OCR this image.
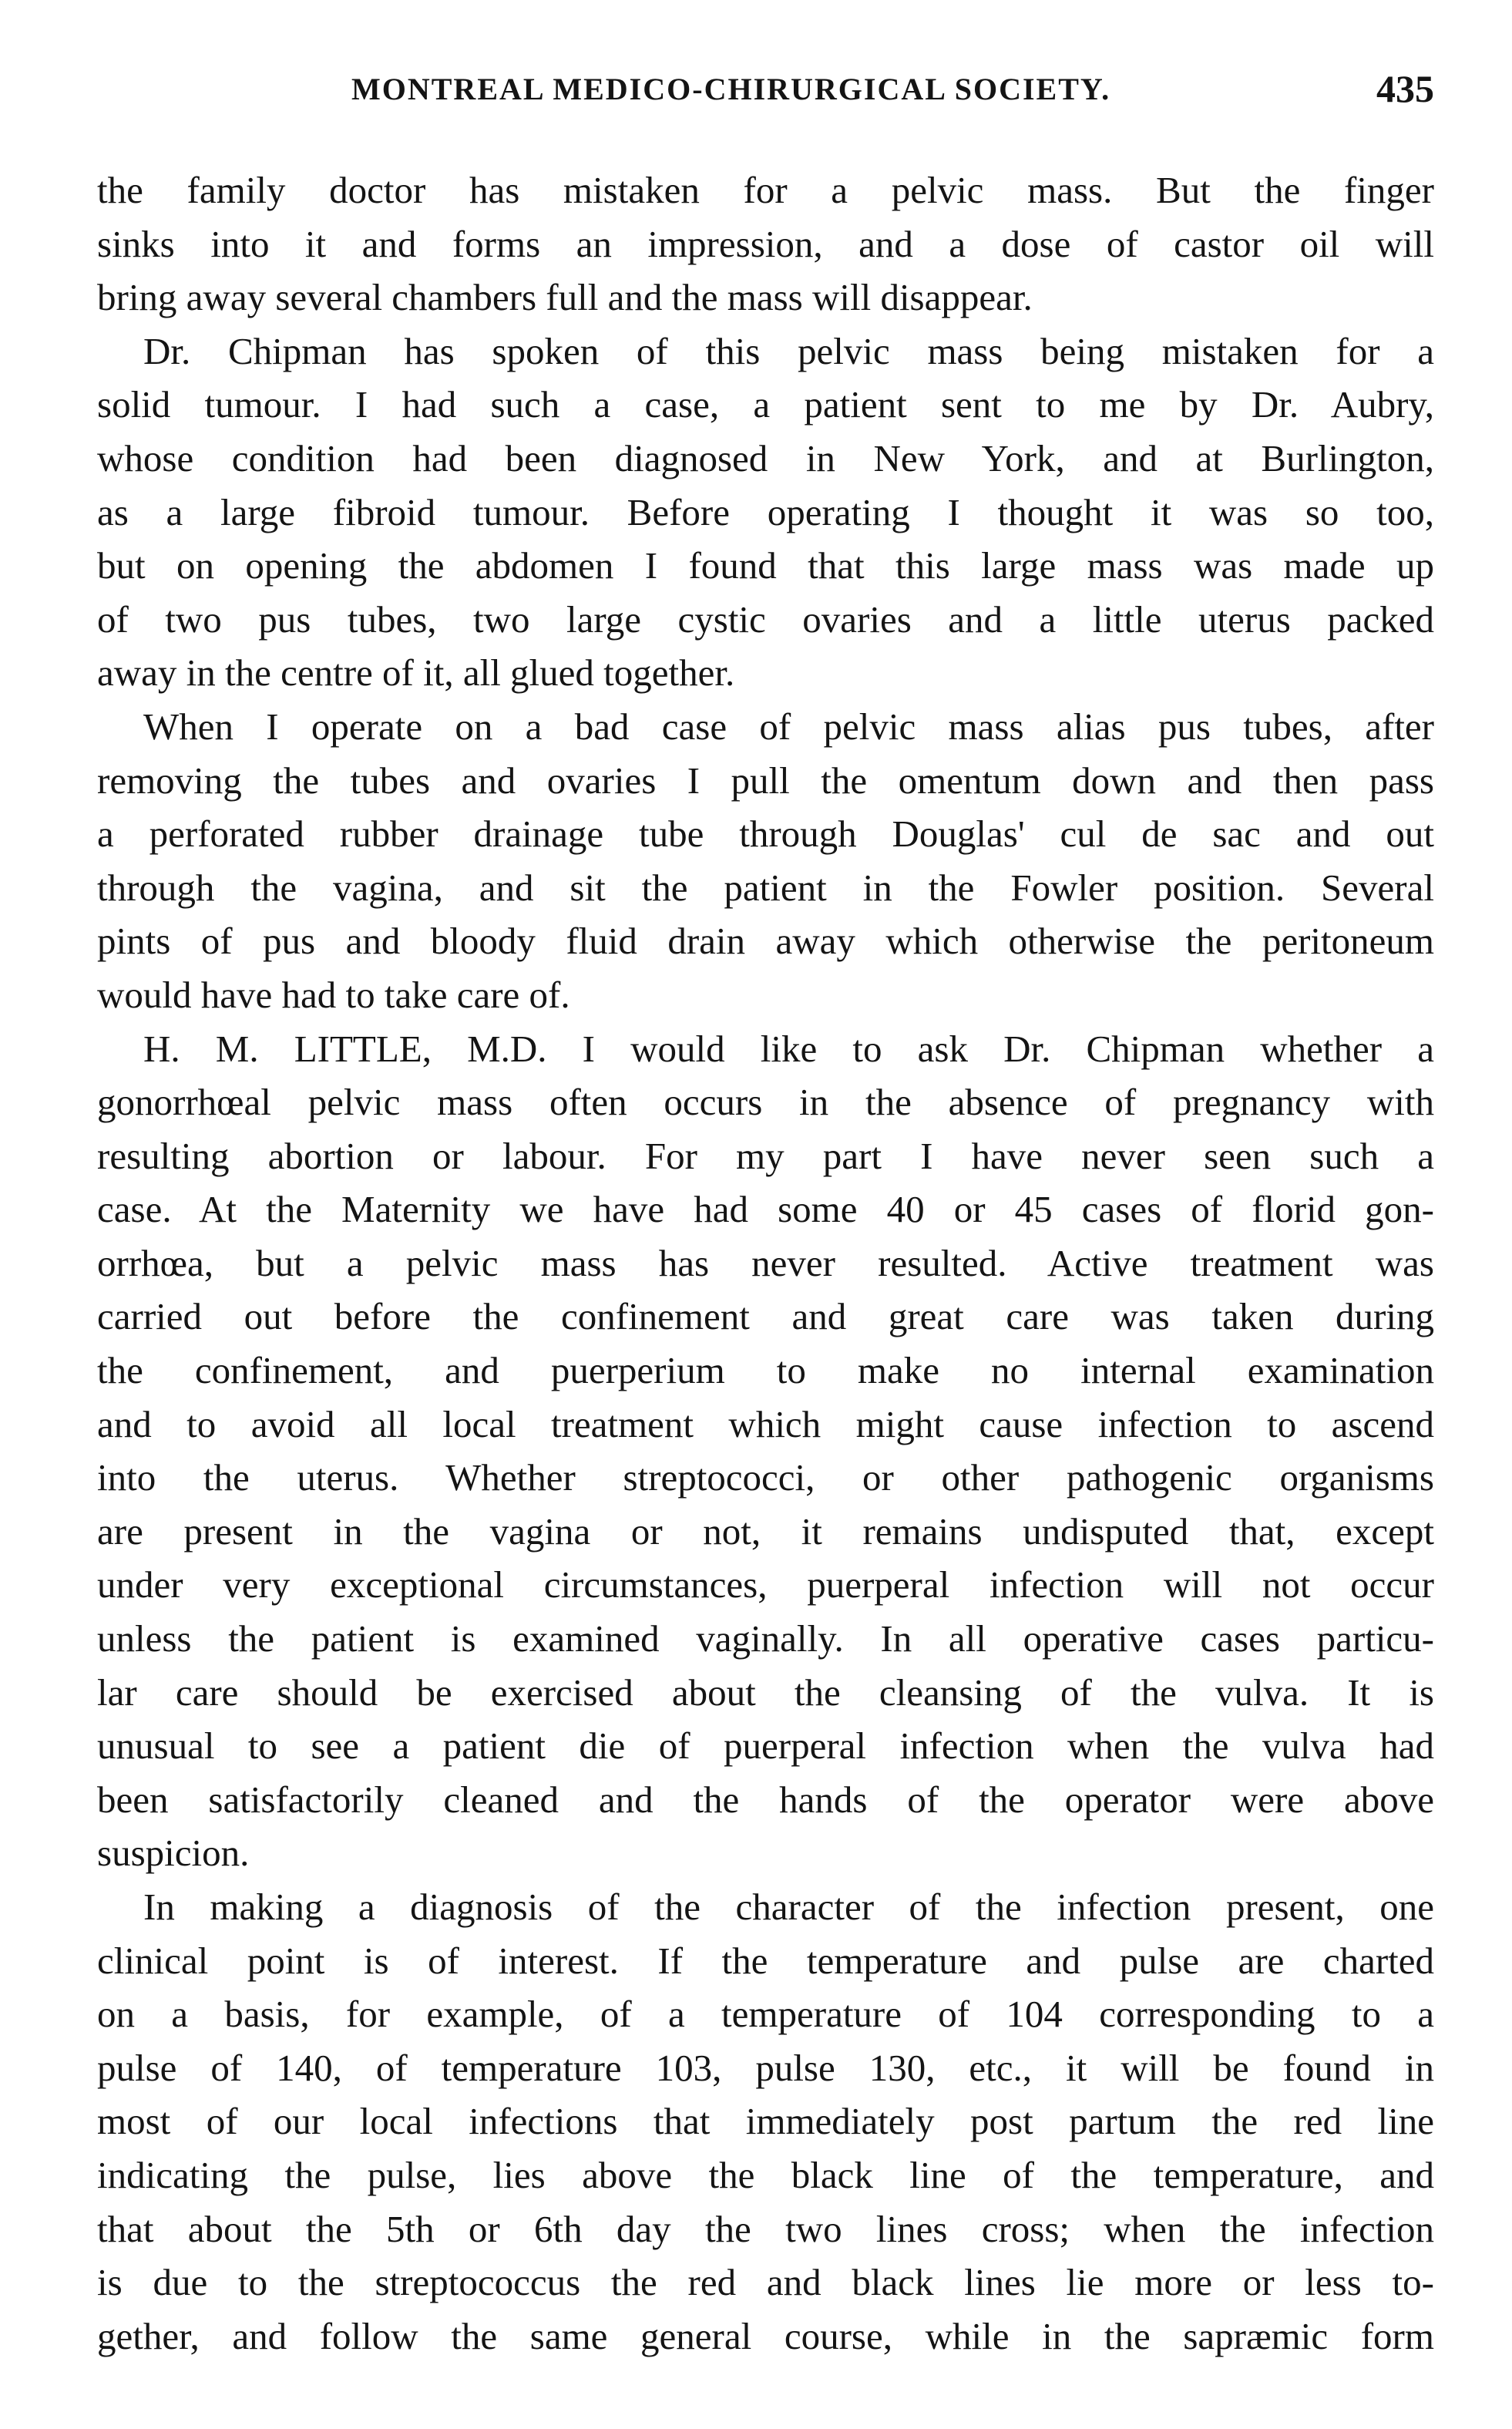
MONTREAL MEDICO-CHIRURGICAL SOCIETY.	435
the family doctor has mistaken for a pelvic mass. But the finger
sinks into it and forms an impression, and a dose of castor oil will
bring away several chambers full and the mass will disappear.
Dr. Chipman has spoken of this pelvic mass being mistaken for a
solid tumour. I had such a case, a patient sent to me by Dr. Aubry,
whose condition had been diagnosed in New York, and at Burlington,
as a large fibroid tumour. Before operating I thought it was so too,
but on opening the abdomen I found that this large mass was made up
of two pus tubes, two large cystic ovaries and a little uterus packed
away in the centre of it, all glued together.
When I operate on a bad case of pelvic mass alias pus tubes, after
removing the tubes and ovaries I pull the omentum down and then pass
a perforated rubber drainage tube through Douglas' cul de sac and out
through the vagina, and sit the patient in the Fowler position. Several
pints of pus and bloody fluid drain away which otherwise the peritoneum
would have had to take care of.
H. M. LITTLE, M.D. I would like to ask Dr. Chipman whether a
gonorrhœal pelvic mass often occurs in the absence of pregnancy with
resulting abortion or labour. For my part I have never seen such a
case. At the Maternity we have had some 40 or 45 cases of florid gon-
orrhœa, but a pelvic mass has never resulted. Active treatment was
carried out before the confinement and great care was taken during
the confinement, and puerperium to make no internal examination
and to avoid all local treatment which might cause infection to ascend
into the uterus. Whether streptococci, or other pathogenic organisms
are present in the vagina or not, it remains undisputed that, except
under very exceptional circumstances, puerperal infection will not occur
unless the patient is examined vaginally. In all operative cases particu-
lar care should be exercised about the cleansing of the vulva. It is
unusual to see a patient die of puerperal infection when the vulva had
been satisfactorily cleaned and the hands of the operator were above
suspicion.
In making a diagnosis of the character of the infection present, one
clinical point is of interest. If the temperature and pulse are charted
on a basis, for example, of a temperature of 104 corresponding to a
pulse of 140, of temperature 103, pulse 130, etc., it will be found in
most of our local infections that immediately post partum the red line
indicating the pulse, lies above the black line of the temperature, and
that about the 5th or 6th day the two lines cross; when the infection
is due to the streptococcus the red and black lines lie more or less to-
gether, and follow the same general course, while in the sapræmic form
